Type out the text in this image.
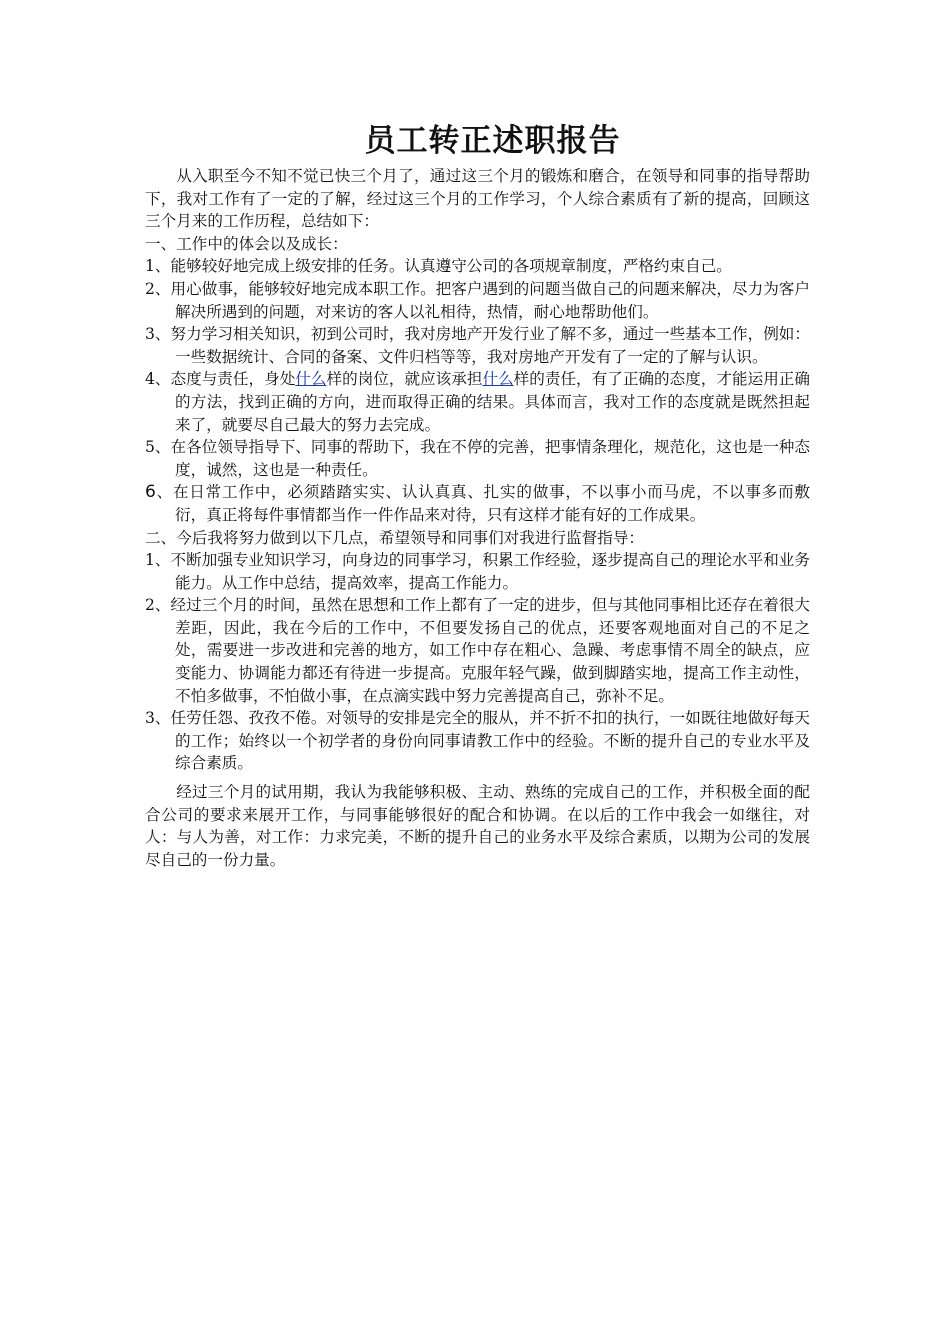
员工转正述职报告

从入职至今不知不觉已快三个月了，通过这三个月的锻炼和磨合，在领导和同事的指导帮助下，我对工作有了一定的了解，经过这三个月的工作学习，个人综合素质有了新的提高，回顾这三个月来的工作历程，总结如下：

一、工作中的体会以及成长：

1、能够较好地完成上级安排的任务。认真遵守公司的各项规章制度，严格约束自己。

2、用心做事，能够较好地完成本职工作。把客户遇到的问题当做自己的问题来解决，尽力为客户解决所遇到的问题，对来访的客人以礼相待，热情，耐心地帮助他们。

3、努力学习相关知识，初到公司时，我对房地产开发行业了解不多，通过一些基本工作，例如：一些数据统计、合同的备案、文件归档等等，我对房地产开发有了一定的了解与认识。

4、态度与责任，身处什么样的岗位，就应该承担什么样的责任，有了正确的态度，才能运用正确的方法，找到正确的方向，进而取得正确的结果。具体而言，我对工作的态度就是既然担起来了，就要尽自己最大的努力去完成。

5、在各位领导指导下、同事的帮助下，我在不停的完善，把事情条理化，规范化，这也是一种态度，诚然，这也是一种责任。

6、在日常工作中，必须踏踏实实、认认真真、扎实的做事，不以事小而马虎，不以事多而敷衍，真正将每件事情都当作一件作品来对待，只有这样才能有好的工作成果。

二、今后我将努力做到以下几点，希望领导和同事们对我进行监督指导：

1、不断加强专业知识学习，向身边的同事学习，积累工作经验，逐步提高自己的理论水平和业务能力。从工作中总结，提高效率，提高工作能力。

2、经过三个月的时间，虽然在思想和工作上都有了一定的进步，但与其他同事相比还存在着很大差距，因此，我在今后的工作中，不但要发扬自己的优点，还要客观地面对自己的不足之处，需要进一步改进和完善的地方，如工作中存在粗心、急躁、考虑事情不周全的缺点，应变能力、协调能力都还有待进一步提高。克服年轻气躁，做到脚踏实地，提高工作主动性，不怕多做事，不怕做小事，在点滴实践中努力完善提高自己，弥补不足。

3、任劳任怨、孜孜不倦。对领导的安排是完全的服从，并不折不扣的执行，一如既往地做好每天的工作；始终以一个初学者的身份向同事请教工作中的经验。不断的提升自己的专业水平及综合素质。

经过三个月的试用期，我认为我能够积极、主动、熟练的完成自己的工作，并积极全面的配合公司的要求来展开工作，与同事能够很好的配合和协调。在以后的工作中我会一如继往，对人：与人为善，对工作：力求完美，不断的提升自己的业务水平及综合素质，以期为公司的发展尽自己的一份力量。
